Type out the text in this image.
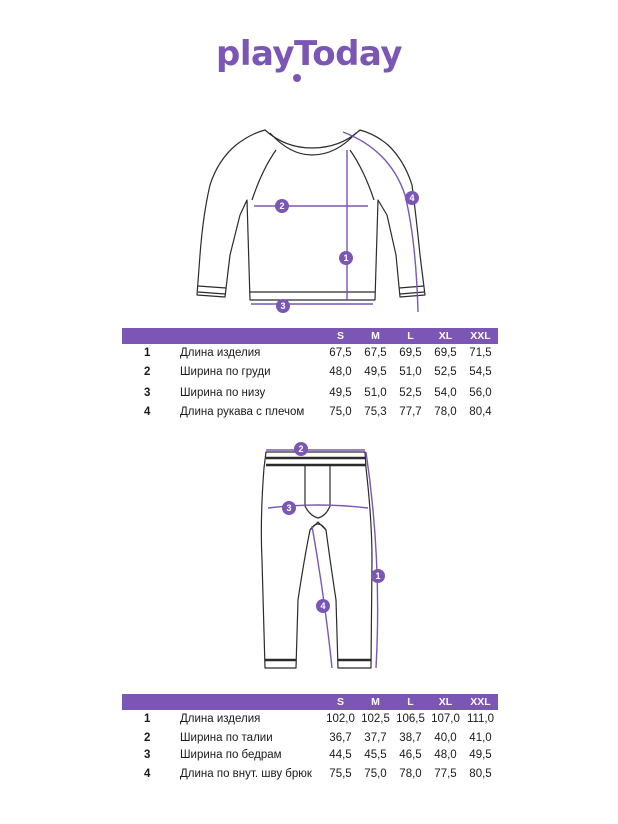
playToday
1
2
3
4
S	M	L	XL	XXL
1	Длина изделия	67,5	67,5	69,5	69,5	71,5
2	Ширина по груди	48,0	49,5	51,0	52,5	54,5
3	Ширина по низу	49,5	51,0	52,5	54,0	56,0
4	Длина рукава с плечом	75,0	75,3	77,7	78,0	80,4
1
2
3
4
S	M	L	XL	XXL
1	Длина изделия	102,0 102,5 106,5 107,0 111,0
2	Ширина по талии	36,7	37,7	38,7	40,0	41,0
3	Ширина по бедрам	44,5	45,5	46,5	48,0	49,5
4	Длина по внут. шву брюк	75,5	75,0	78,0	77,5	80,5
